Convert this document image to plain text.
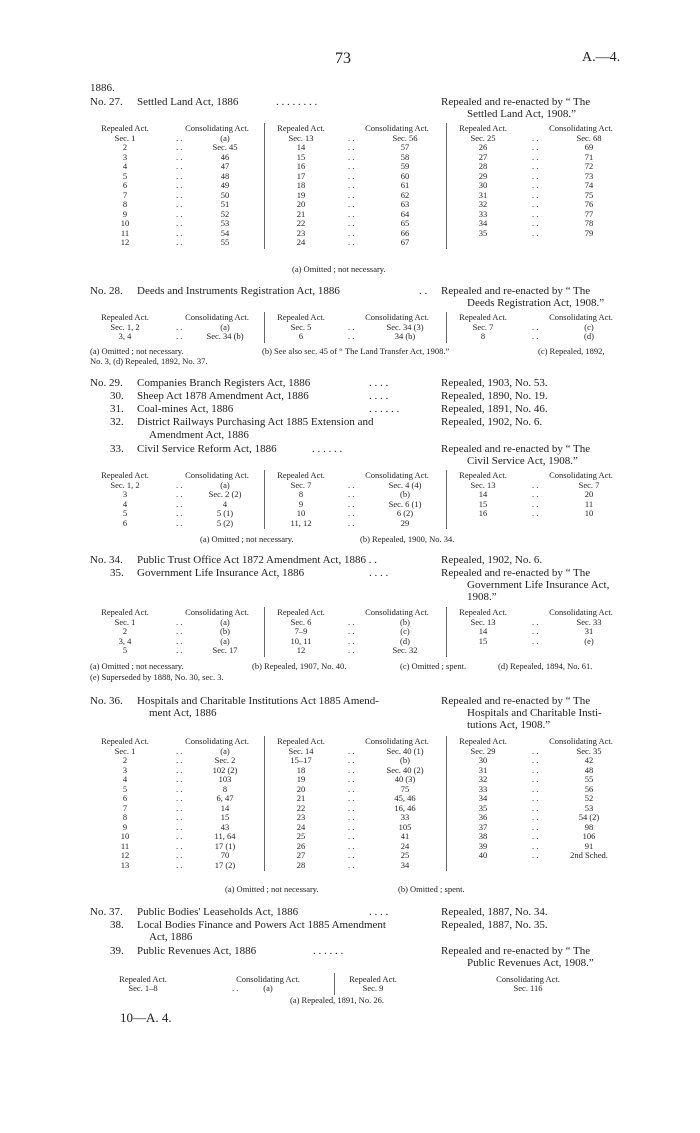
73	A.—4.
1886.
No. 27. Settled Land Act, 1886	. . . . . . . .	Repealed and re-enacted by “ The
Settled Land Act, 1908.”
Repealed Act.	Consolidating Act.
Sec. 1	. .	(a)
2	. .	Sec. 45
3	. .	46
4	. .	47
5	. .	48
6	. .	49
7	. .	50
8	. .	51
9	. .	52
10	. .	53
11	. .	54
12	. .	55
Repealed Act.	Consolidating Act.
Sec. 13	. .	Sec. 56
14	. .	57
15	. .	58
16	. .	59
17	. .	60
18	. .	61
19	. .	62
20	. .	63
21	. .	64
22	. .	65
23	. .	66
24	. .	67
Repealed Act.	Consolidating Act.
Sec. 25	. .	Sec. 68
26	. .	69
27	. .	71
28	. .	72
29	. .	73
30	. .	74
31	. .	75
32	. .	76
33	. .	77
34	. .	78
35	. .	79
(a) Omitted ; not necessary.
No. 28. Deeds and Instruments Registration Act, 1886	. . Repealed and re-enacted by “ The
Deeds Registration Act, 1908.”
Repealed Act.	Consolidating Act.
Sec. 1, 2	. .	(a)
3, 4	. .	Sec. 34 (b)
Repealed Act.	Consolidating Act.
Sec. 5	. .	Sec. 34 (3)
6	. .	34 (b)
Repealed Act.	Consolidating Act.
Sec. 7	. .	(c)
8	. .	(d)
(a) Omitted ; not necessary.	(b) See also sec. 45 of “ The Land Transfer Act, 1908.”	(c) Repealed, 1892,
No. 3, (d) Repealed, 1892, No. 37.
No. 29. Companies Branch Registers Act, 1886	. . . .	Repealed, 1903, No. 53.
30. Sheep Act 1878 Amendment Act, 1886	. . . .	Repealed, 1890, No. 19.
31. Coal-mines Act, 1886	. . . . . .	Repealed, 1891, No. 46.
32. District Railways Purchasing Act 1885 Extension and	Repealed, 1902, No. 6.
Amendment Act, 1886
33. Civil Service Reform Act, 1886	. . . . . .	Repealed and re-enacted by “ The
Civil Service Act, 1908.”
Repealed Act.	Consolidating Act.
Sec. 1, 2	. .	(a)
3	. .	Sec. 2 (2)
4	. .	4
5	. .	5 (1)
6	. .	5 (2)
Repealed Act.	Consolidating Act.
Sec. 7	. .	Sec. 4 (4)
8	. .	(b)
9	. .	Sec. 6 (1)
10	. .	6 (2)
11, 12	. .	29
Repealed Act.	Consolidating Act.
Sec. 13	. .	Sec. 7
14	. .	20
15	. .	11
16	. .	10
(a) Omitted ; not necessary.	(b) Repealed, 1900, No. 34.
No. 34. Public Trust Office Act 1872 Amendment Act, 1886 . .	Repealed, 1902, No. 6.
35. Government Life Insurance Act, 1886	. . . .	Repealed and re-enacted by “ The
Government Life Insurance Act,
1908.”
Repealed Act.	Consolidating Act.
Sec. 1	. .	(a)
2	. .	(b)
3, 4	. .	(a)
5	. .	Sec. 17
Repealed Act.	Consolidating Act.
Sec. 6	. .	(b)
7–9	. .	(c)
10, 11	. .	(d)
12	. .	Sec. 32
Repealed Act.	Consolidating Act.
Sec. 13	. .	Sec. 33
14	. .	31
15	. .	(e)
(a) Omitted ; not necessary.	(b) Repealed, 1907, No. 40.	(c) Omitted ; spent.	(d) Repealed, 1894, No. 61.
(e) Superseded by 1888, No. 30, sec. 3.
No. 36. Hospitals and Charitable Institutions Act 1885 Amend-
ment Act, 1886
Repealed and re-enacted by “ The
Hospitals and Charitable Insti-
tutions Act, 1908.”
Repealed Act.	Consolidating Act.
Sec. 1	. .	(a)
2	. .	Sec. 2
3	. .	102 (2)
4	. .	103
5	. .	8
6	. .	6, 47
7	. .	14
8	. .	15
9	. .	43
10	. .	11, 64
11	. .	17 (1)
12	. .	70
13	. .	17 (2)
Repealed Act.	Consolidating Act.
Sec. 14	. .	Sec. 40 (1)
15–17	. .	(b)
18	. .	Sec. 40 (2)
19	. .	40 (3)
20	. .	75
21	. .	45, 46
22	. .	16, 46
23	. .	33
24	. .	105
25	. .	41
26	. .	24
27	. .	25
28	. .	34
Repealed Act.	Consolidating Act.
Sec. 29	. .	Sec. 35
30	. .	42
31	. .	48
32	. .	55
33	. .	56
34	. .	52
35	. .	53
36	. .	54 (2)
37	. .	98
38	. .	106
39	. .	91
40	. .	2nd Sched.
(a) Omitted ; not necessary.	(b) Omitted ; spent.
No. 37. Public Bodies' Leaseholds Act, 1886	. . . .	Repealed, 1887, No. 34.
38. Local Bodies Finance and Powers Act 1885 Amendment	Repealed, 1887, No. 35.
Act, 1886
39. Public Revenues Act, 1886	. . . . . .	Repealed and re-enacted by “ The
Public Revenues Act, 1908.”
Repealed Act.	Consolidating Act.	Repealed Act.	Consolidating Act.
Sec. 1–8	. .	(a)	Sec. 9	Sec. 116
(a) Repealed, 1891, No. 26.
10—A. 4.
